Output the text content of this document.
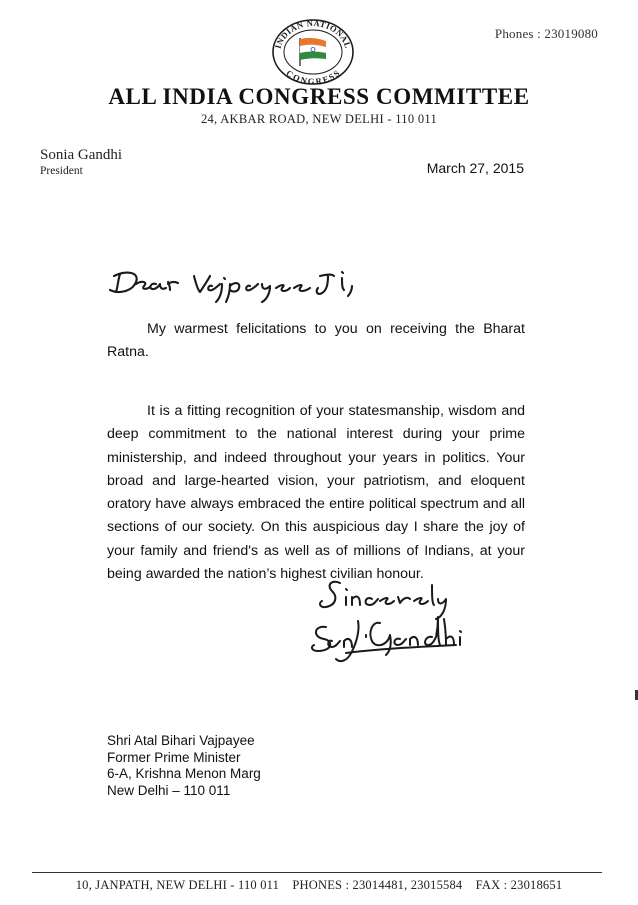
Phones : 23019080
INDIAN NATIONAL
CONGRESS
ALL INDIA CONGRESS COMMITTEE
24, AKBAR ROAD, NEW DELHI - 110 011
Sonia Gandhi
President	March 27, 2015

My warmest felicitations to you on receiving the Bharat Ratna.

It is a fitting recognition of your statesmanship, wisdom and deep commitment to the national interest during your prime ministership, and indeed throughout your years in politics. Your broad and large-hearted vision, your patriotism, and eloquent oratory have always embraced the entire political spectrum and all sections of our society. On this auspicious day I share the joy of your family and friend's as well as of millions of Indians, at your being awarded the nation’s highest civilian honour.

Shri Atal Bihari Vajpayee
Former Prime Minister
6-A, Krishna Menon Marg
New Delhi – 110 011
10, JANPATH, NEW DELHI - 110 011    PHONES : 23014481, 23015584    FAX : 23018651
